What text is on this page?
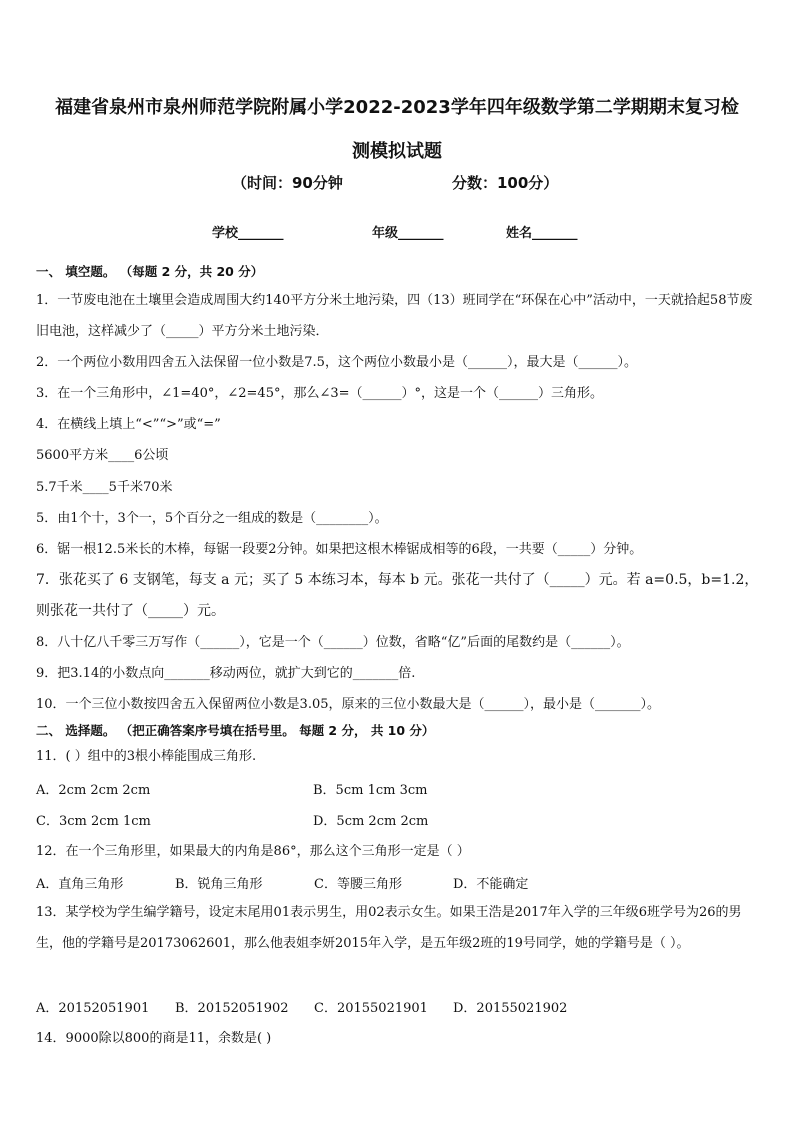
福建省泉州市泉州师范学院附属小学2022-2023学年四年级数学第二学期期末复习检
测模拟试题
（时间：90分钟	分数：100分）
学校_______	年级_______	姓名_______
一、 填空题。 （每题 2 分，共 20 分）
1．一节废电池在土壤里会造成周围大约140平方分米土地污染，四（13）班同学在“环保在心中”活动中，一天就拾起58节废旧电池，这样减少了（_____）平方分米土地污染．
2．一个两位小数用四舍五入法保留一位小数是7.5，这个两位小数最小是（______），最大是（______）。
3．在一个三角形中，∠1=40°，∠2=45°，那么∠3=（______）°，这是一个（______）三角形。
4．在横线上填上“<”“>”或“=”
5600平方米____6公顷
5.7千米____5千米70米
5．由1个十，3个一，5个百分之一组成的数是（________）。
6．锯一根12.5米长的木棒，每锯一段要2分钟。如果把这根木棒锯成相等的6段，一共要（_____）分钟。
7．张花买了 6 支钢笔，每支 a 元；买了 5 本练习本，每本 b 元。张花一共付了（_____）元。若 a=0.5，b=1.2，则张花一共付了（_____）元。
8．八十亿八千零三万写作（______），它是一个（______）位数，省略“亿”后面的尾数约是（______）。
9．把3.14的小数点向_______移动两位，就扩大到它的_______倍.
10．一个三位小数按四舍五入保留两位小数是3.05，原来的三位小数最大是（______），最小是（_______）。
二、 选择题。 （把正确答案序号填在括号里。 每题 2 分， 共 10 分）
11．( ）组中的3根小棒能围成三角形.
A．2cm 2cm 2cm	B．5cm 1cm 3cm
C．3cm 2cm 1cm	D．5cm 2cm 2cm
12．在一个三角形里，如果最大的内角是86°，那么这个三角形一定是（ ）
A．直角三角形	B．锐角三角形	C．等腰三角形	D．不能确定
13．某学校为学生编学籍号，设定末尾用01表示男生，用02表示女生。如果王浩是2017年入学的三年级6班学号为26的男生，他的学籍号是20173062601，那么他表姐李妍2015年入学，是五年级2班的19号同学，她的学籍号是（ ）。
A．20152051901 B．20152051902 C．20155021901 D．20155021902
14．9000除以800的商是11，余数是( )
